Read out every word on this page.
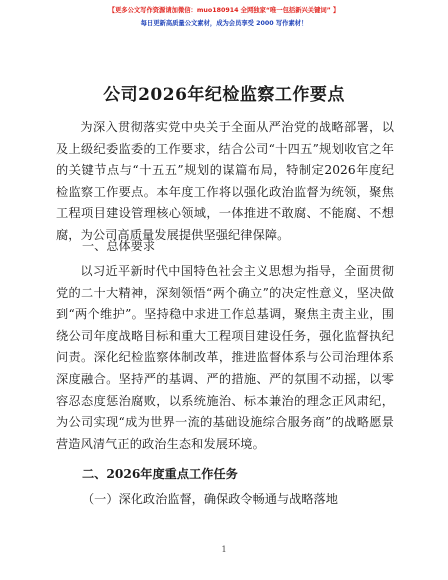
【更多公文写作资源请加微信：muo180914 全网独家“唯一包括新兴关键词” 】
每日更新高质量公文素材，成为会员享受 2000 写作素材！
公司2026年纪检监察工作要点
为深入贯彻落实党中央关于全面从严治党的战略部署，以及上级纪委监委的工作要求，结合公司“十四五”规划收官之年的关键节点与“十五五”规划的谋篇布局，特制定2026年度纪检监察工作要点。本年度工作将以强化政治监督为统领，聚焦工程项目建设管理核心领域，一体推进不敢腐、不能腐、不想腐，为公司高质量发展提供坚强纪律保障。
一、总体要求
以习近平新时代中国特色社会主义思想为指导，全面贯彻党的二十大精神，深刻领悟“两个确立”的决定性意义，坚决做到“两个维护”。坚持稳中求进工作总基调，聚焦主责主业，围绕公司年度战略目标和重大工程项目建设任务，强化监督执纪问责。深化纪检监察体制改革，推进监督体系与公司治理体系深度融合。坚持严的基调、严的措施、严的氛围不动摇，以零容忍态度惩治腐败，以系统施治、标本兼治的理念正风肃纪，为公司实现“成为世界一流的基础设施综合服务商”的战略愿景营造风清气正的政治生态和发展环境。
二、2026年度重点工作任务
（一）深化政治监督，确保政令畅通与战略落地
1
